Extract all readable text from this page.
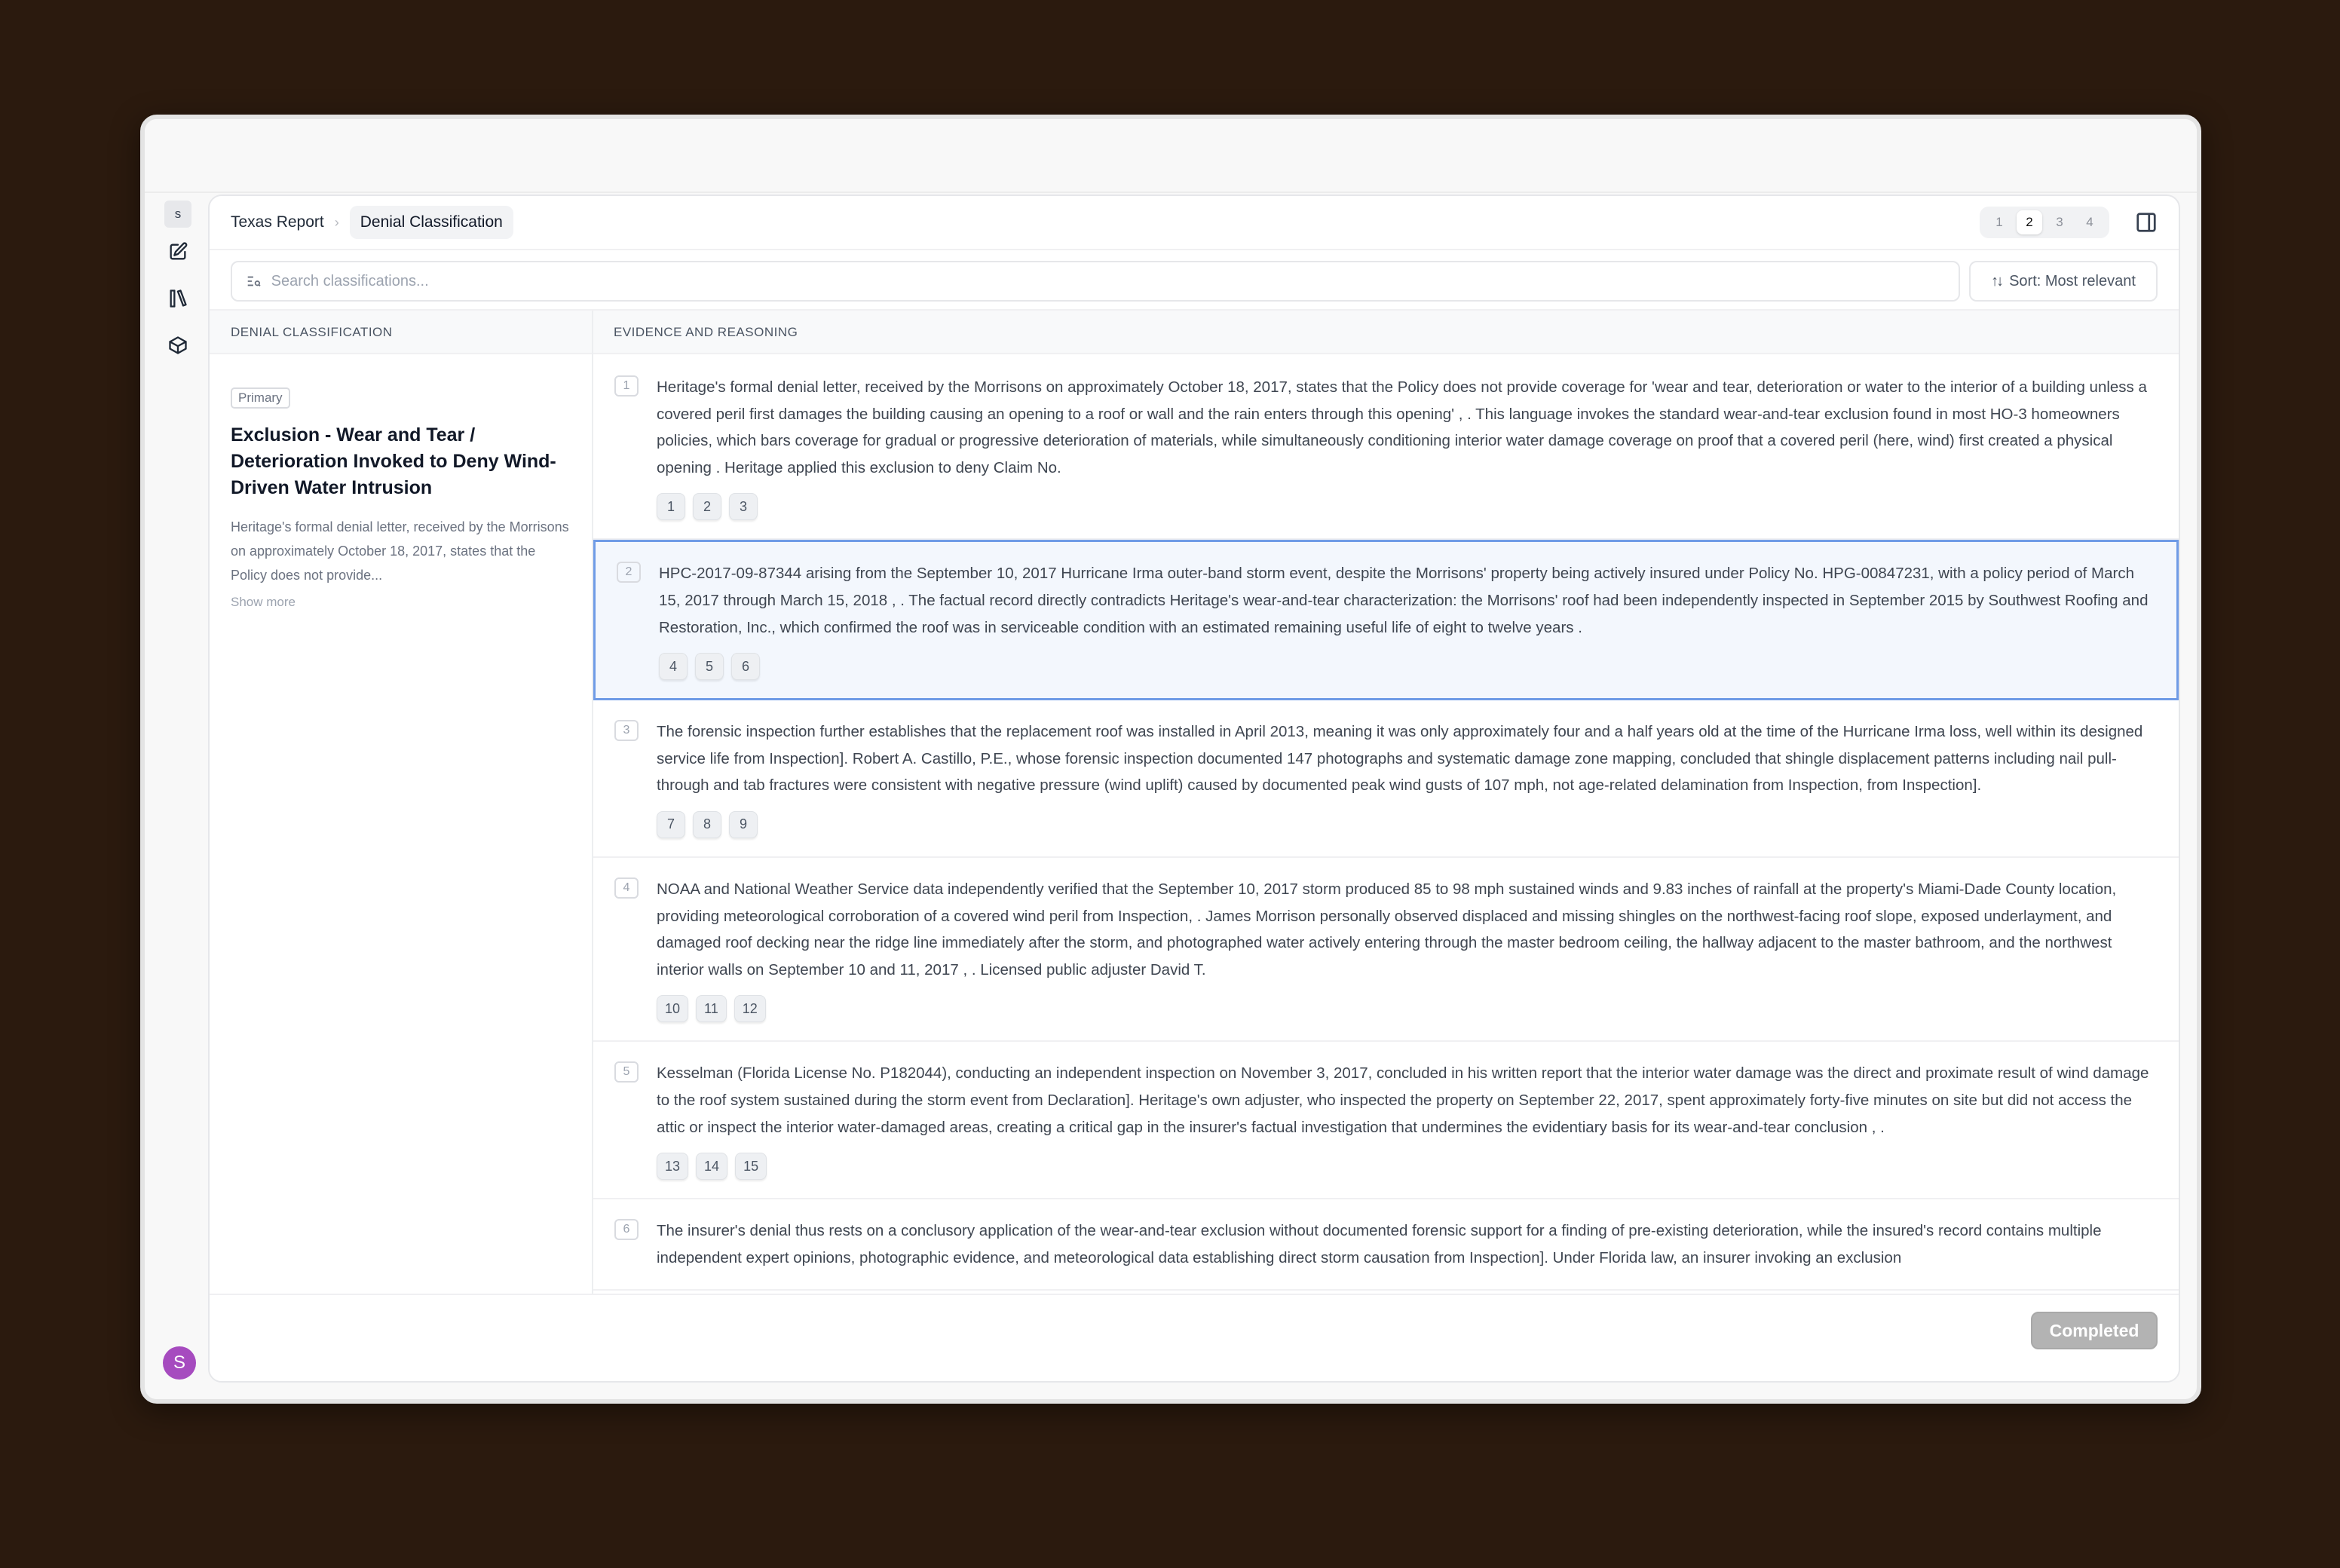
s
S
Texas Report ›	Denial Classification	1	2	3	4
Search classifications...
↑↓ Sort: Most relevant
DENIAL CLASSIFICATION	EVIDENCE AND REASONING
Primary
Exclusion - Wear and Tear / Deterioration Invoked to Deny Wind-Driven Water Intrusion
Heritage's formal denial letter, received by the Morrisons on approximately October 18, 2017, states that the Policy does not provide...
Show more
1	Heritage's formal denial letter, received by the Morrisons on approximately October 18, 2017, states that the Policy does not provide coverage for 'wear and tear, deterioration or water to the interior of a building unless a covered peril first damages the building causing an opening to a roof or wall and the rain enters through this opening' , . This language invokes the standard wear-and-tear exclusion found in most HO-3 homeowners policies, which bars coverage for gradual or progressive deterioration of materials, while simultaneously conditioning interior water damage coverage on proof that a covered peril (here, wind) first created a physical opening . Heritage applied this exclusion to deny Claim No.
1	2	3
2	HPC-2017-09-87344 arising from the September 10, 2017 Hurricane Irma outer-band storm event, despite the Morrisons' property being actively insured under Policy No. HPG-00847231, with a policy period of March 15, 2017 through March 15, 2018 , . The factual record directly contradicts Heritage's wear-and-tear characterization: the Morrisons' roof had been independently inspected in September 2015 by Southwest Roofing and Restoration, Inc., which confirmed the roof was in serviceable condition with an estimated remaining useful life of eight to twelve years .
4	5	6
3	The forensic inspection further establishes that the replacement roof was installed in April 2013, meaning it was only approximately four and a half years old at the time of the Hurricane Irma loss, well within its designed service life from Inspection]. Robert A. Castillo, P.E., whose forensic inspection documented 147 photographs and systematic damage zone mapping, concluded that shingle displacement patterns including nail pull-through and tab fractures were consistent with negative pressure (wind uplift) caused by documented peak wind gusts of 107 mph, not age-related delamination from Inspection, from Inspection].
7	8	9
4	NOAA and National Weather Service data independently verified that the September 10, 2017 storm produced 85 to 98 mph sustained winds and 9.83 inches of rainfall at the property's Miami-Dade County location, providing meteorological corroboration of a covered wind peril from Inspection, . James Morrison personally observed displaced and missing shingles on the northwest-facing roof slope, exposed underlayment, and damaged roof decking near the ridge line immediately after the storm, and photographed water actively entering through the master bedroom ceiling, the hallway adjacent to the master bathroom, and the northwest interior walls on September 10 and 11, 2017 , . Licensed public adjuster David T.
10	11	12
5	Kesselman (Florida License No. P182044), conducting an independent inspection on November 3, 2017, concluded in his written report that the interior water damage was the direct and proximate result of wind damage to the roof system sustained during the storm event from Declaration]. Heritage's own adjuster, who inspected the property on September 22, 2017, spent approximately forty-five minutes on site but did not access the attic or inspect the interior water-damaged areas, creating a critical gap in the insurer's factual investigation that undermines the evidentiary basis for its wear-and-tear conclusion , .
13	14	15
6	The insurer's denial thus rests on a conclusory application of the wear-and-tear exclusion without documented forensic support for a finding of pre-existing deterioration, while the insured's record contains multiple independent expert opinions, photographic evidence, and meteorological data establishing direct storm causation from Inspection]. Under Florida law, an insurer invoking an exclusion
Completed
